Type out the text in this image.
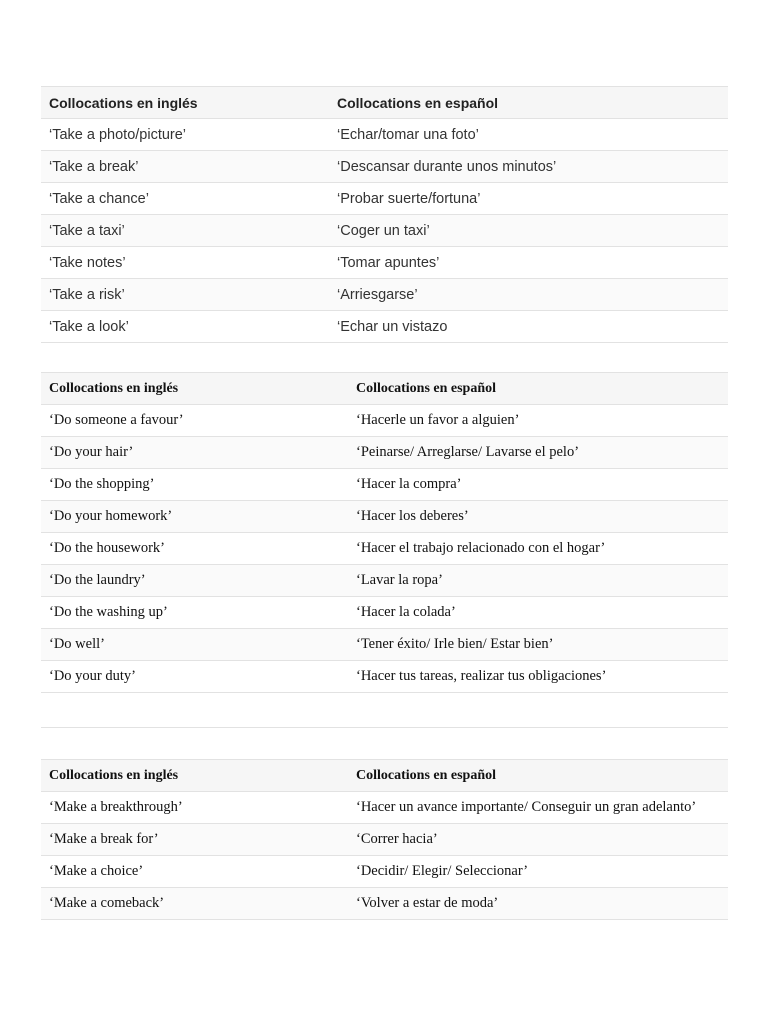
Collocations en inglés	Collocations en español
‘Take a photo/picture’	‘Echar/tomar una foto’
‘Take a break’	‘Descansar durante unos minutos’
‘Take a chance’	‘Probar suerte/fortuna’
‘Take a taxi’	‘Coger un taxi’
‘Take notes’	‘Tomar apuntes’
‘Take a risk’	‘Arriesgarse’
‘Take a look’	‘Echar un vistazo
Collocations en inglés	Collocations en español
‘Do someone a favour’	‘Hacerle un favor a alguien’
‘Do your hair’	‘Peinarse/ Arreglarse/ Lavarse el pelo’
‘Do the shopping’	‘Hacer la compra’
‘Do your homework’	‘Hacer los deberes’
‘Do the housework’	‘Hacer el trabajo relacionado con el hogar’
‘Do the laundry’	‘Lavar la ropa’
‘Do the washing up’	‘Hacer la colada’
‘Do well’	‘Tener éxito/ Irle bien/ Estar bien’
‘Do your duty’	‘Hacer tus tareas, realizar tus obligaciones’
Collocations en inglés	Collocations en español
‘Make a breakthrough’	‘Hacer un avance importante/ Conseguir un gran adelanto’
‘Make a break for’	‘Correr hacia’
‘Make a choice’	‘Decidir/ Elegir/ Seleccionar’
‘Make a comeback’	‘Volver a estar de moda’
